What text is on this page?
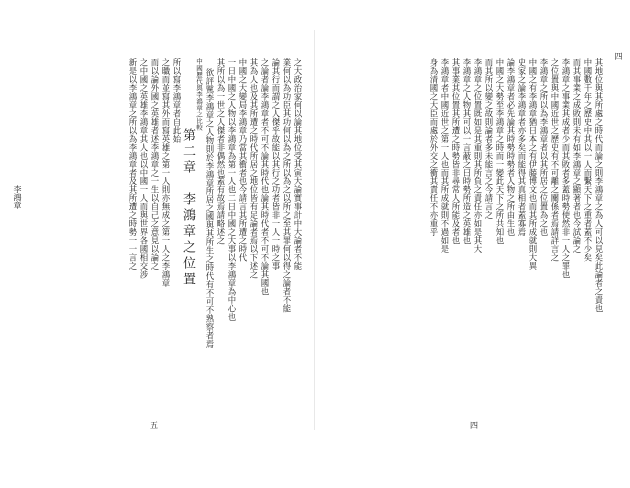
之大政治家何以論其地位受其寅大論實事計中大論者不能
業何以為功臣其功何以為之所以為之以所之至其罪何以得之論者不能
論其行而謂之人傑乎故能以其行之功者皆非一人一時之事
之論者論李鴻章者不可不論其時代也論其時代者不可不論其國也
其為人也及其所遭之時代所居之地位皆有足論者焉以下述之
中國之大變局李鴻章乃當其衝者也今請言其所遭之時代
一日中國之人物以李鴻章為第一人也二日中國之大事以李鴻章為中心也
其所以為一世之人傑者非偶然也蓋有故焉請略述之
欲評騭李鴻章之人物則於李鴻章所居之國與其所生之時代有不可不熟察者焉
中國歷代與李鴻章之比較
第二章　李鴻章之位置
所以寫李鴻章者自此始
之職而並寫其外而寫英雄之第一人則亦無成之第一人之李鴻章
而以論外國之英雄者述李鴻章之一生以自己之意見以論之
之中國之英雄李鴻章其人也以中國一人而與世界各國相交涉
新是以李鴻章之所以為李鴻章者及其所遭之時勢一一言之
李鴻章
五
其地位與其所處之時代而論之則李鴻章之為人可以見矣此論者之責也
中國數千年之歷史中其以一人而繫天下之重者蓋不少矣
而其事業之成敗則未有如李鴻章之顯著者也今試論之
李鴻章之事業其成者少而其敗者多蓋時勢使然非一人之罪也
之位置與中國近世之歷史有不可離之關係者焉請詳言之
李鴻章之所以為李鴻章者以其所居之位置為之也
中國之有李鴻章猶日本之有伊藤博文也而其所成就則大異
史家之論李鴻章者亦多矣而能得其真相者蓋寡焉
論李鴻章者必先論其時勢時勢者人物之所由生也
中國之大勢至李鴻章之時而一變此天下之所共知也
而其所以變之故則論者多未能言之今請言之
李鴻章之位置既如是其重則其所負之責任亦如是其大
李鴻章之人物其可以一言蔽之曰時勢所造之英雄也
其事業其位置其所遭之時勢皆非尋常人所能及者也
李鴻章者中國近世之第一人也而其所成就則不過如是
身為清國之大臣而處於外交之衝其責任不亦重乎
四
四
